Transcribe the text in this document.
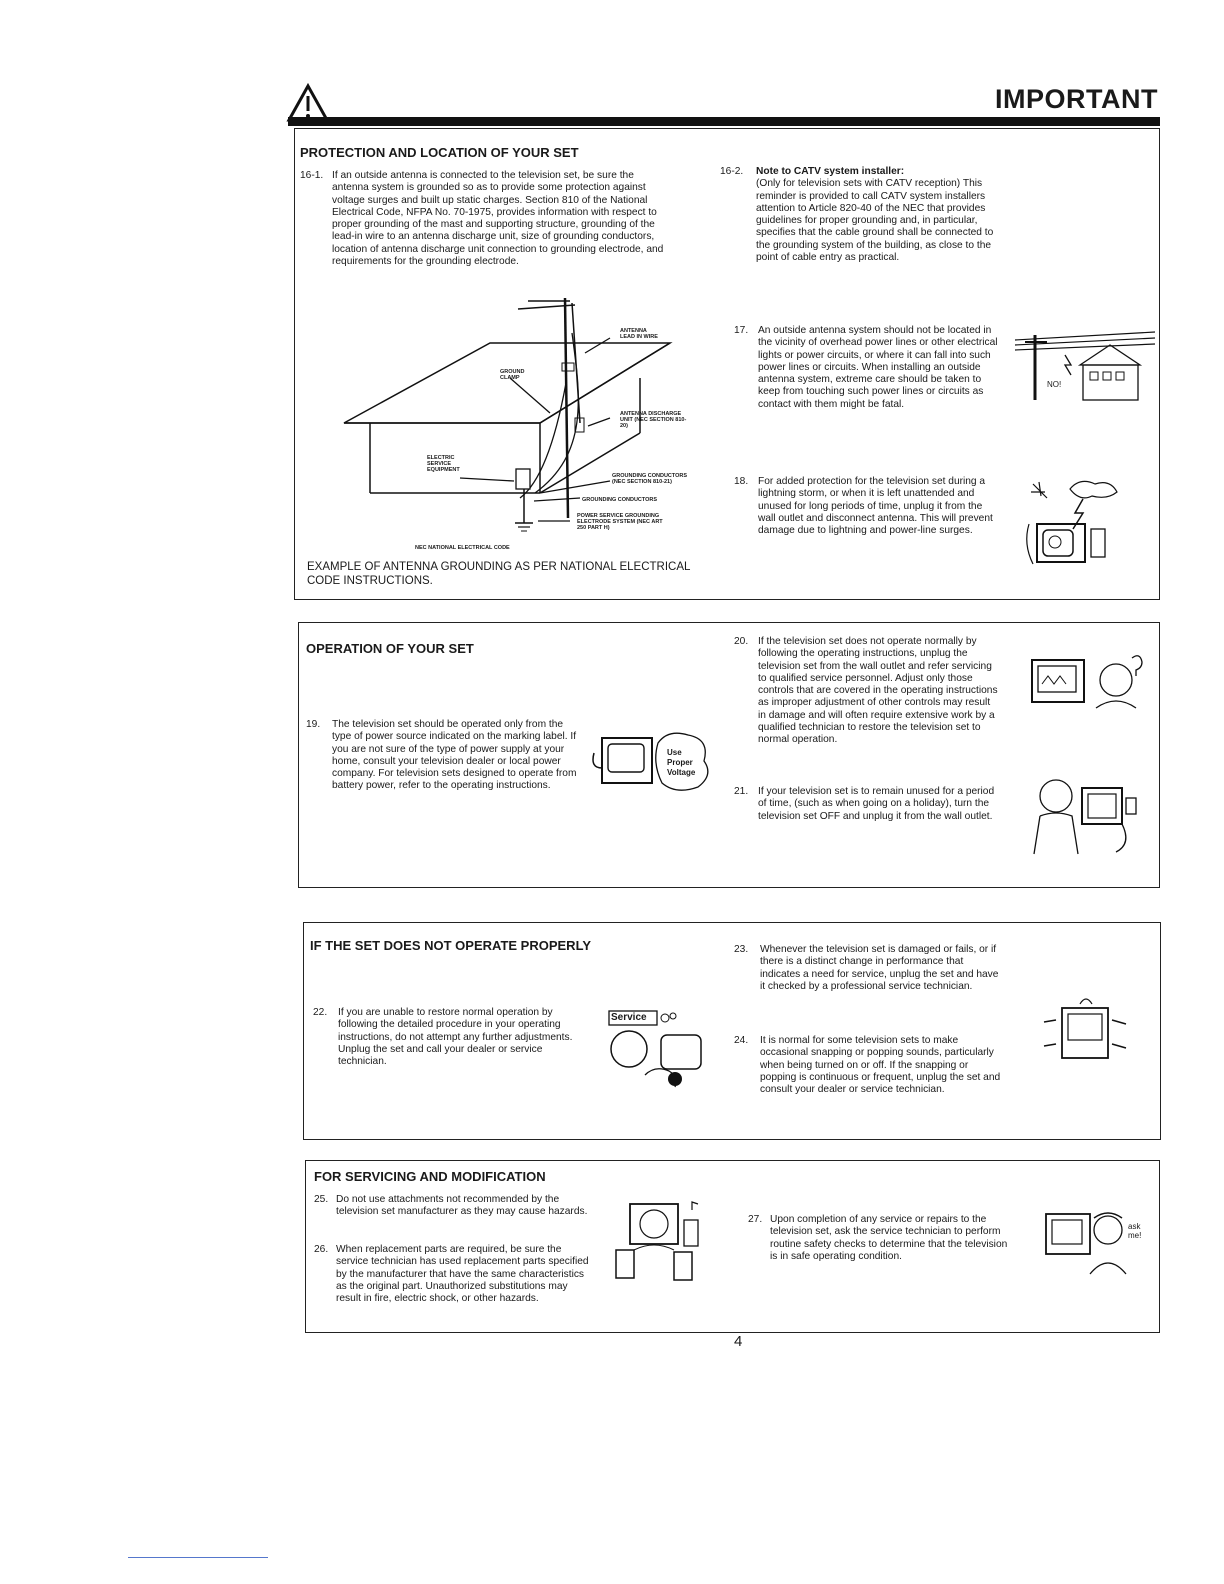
IMPORTANT
PROTECTION AND LOCATION OF YOUR SET
16-1. If an outside antenna is connected to the television set, be sure the antenna system is grounded so as to provide some protection against voltage surges and built up static charges. Section 810 of the National Electrical Code, NFPA No. 70-1975, provides information with respect to proper grounding of the mast and supporting structure, grounding of the lead-in wire to an antenna discharge unit, size of grounding conductors, location of antenna discharge unit connection to grounding electrode, and requirements for the grounding electrode.
ANTENNA LEAD IN WIRE
GROUND CLAMP
ANTENNA DISCHARGE UNIT (NEC SECTION 810-20)
ELECTRIC SERVICE EQUIPMENT
GROUNDING CONDUCTORS (NEC SECTION 810-21)
GROUNDING CONDUCTORS
POWER SERVICE GROUNDING ELECTRODE SYSTEM (NEC ART 250 PART H)
NEC NATIONAL ELECTRICAL CODE
EXAMPLE OF ANTENNA GROUNDING AS PER NATIONAL ELECTRICAL CODE INSTRUCTIONS.
16-2. Note to CATV system installer:
(Only for television sets with CATV reception) This reminder is provided to call CATV system installers attention to Article 820-40 of the NEC that provides guidelines for proper grounding and, in particular, specifies that the cable ground shall be connected to the grounding system of the building, as close to the point of cable entry as practical.
17. An outside antenna system should not be located in the vicinity of overhead power lines or other electrical lights or power circuits, or where it can fall into such power lines or circuits. When installing an outside antenna system, extreme care should be taken to keep from touching such power lines or circuits as contact with them might be fatal.
NO!
18. For added protection for the television set during a lightning storm, or when it is left unattended and unused for long periods of time, unplug it from the wall outlet and disconnect antenna. This will prevent damage due to lightning and power-line surges.
OPERATION OF YOUR SET
19. The television set should be operated only from the type of power source indicated on the marking label. If you are not sure of the type of power supply at your home, consult your television dealer or local power company. For television sets designed to operate from battery power, refer to the operating instructions.
Use
Proper
Voltage
20. If the television set does not operate normally by following the operating instructions, unplug the television set from the wall outlet and refer servicing to qualified service personnel. Adjust only those controls that are covered in the operating instructions as improper adjustment of other controls may result in damage and will often require extensive work by a qualified technician to restore the television set to normal operation.
21. If your television set is to remain unused for a period of time, (such as when going on a holiday), turn the television set OFF and unplug it from the wall outlet.
IF THE SET DOES NOT OPERATE PROPERLY
22. If you are unable to restore normal operation by following the detailed procedure in your operating instructions, do not attempt any further adjustments. Unplug the set and call your dealer or service technician.
Service
23. Whenever the television set is damaged or fails, or if there is a distinct change in performance that indicates a need for service, unplug the set and have it checked by a professional service technician.
24. It is normal for some television sets to make occasional snapping or popping sounds, particularly when being turned on or off. If the snapping or popping is continuous or frequent, unplug the set and consult your dealer or service technician.
FOR SERVICING AND MODIFICATION
25. Do not use attachments not recommended by the television set manufacturer as they may cause hazards.
26. When replacement parts are required, be sure the service technician has used replacement parts specified by the manufacturer that have the same characteristics as the original part. Unauthorized substitutions may result in fire, electric shock, or other hazards.
27. Upon completion of any service or repairs to the television set, ask the service technician to perform routine safety checks to determine that the television is in safe operating condition.
ask me!
4
